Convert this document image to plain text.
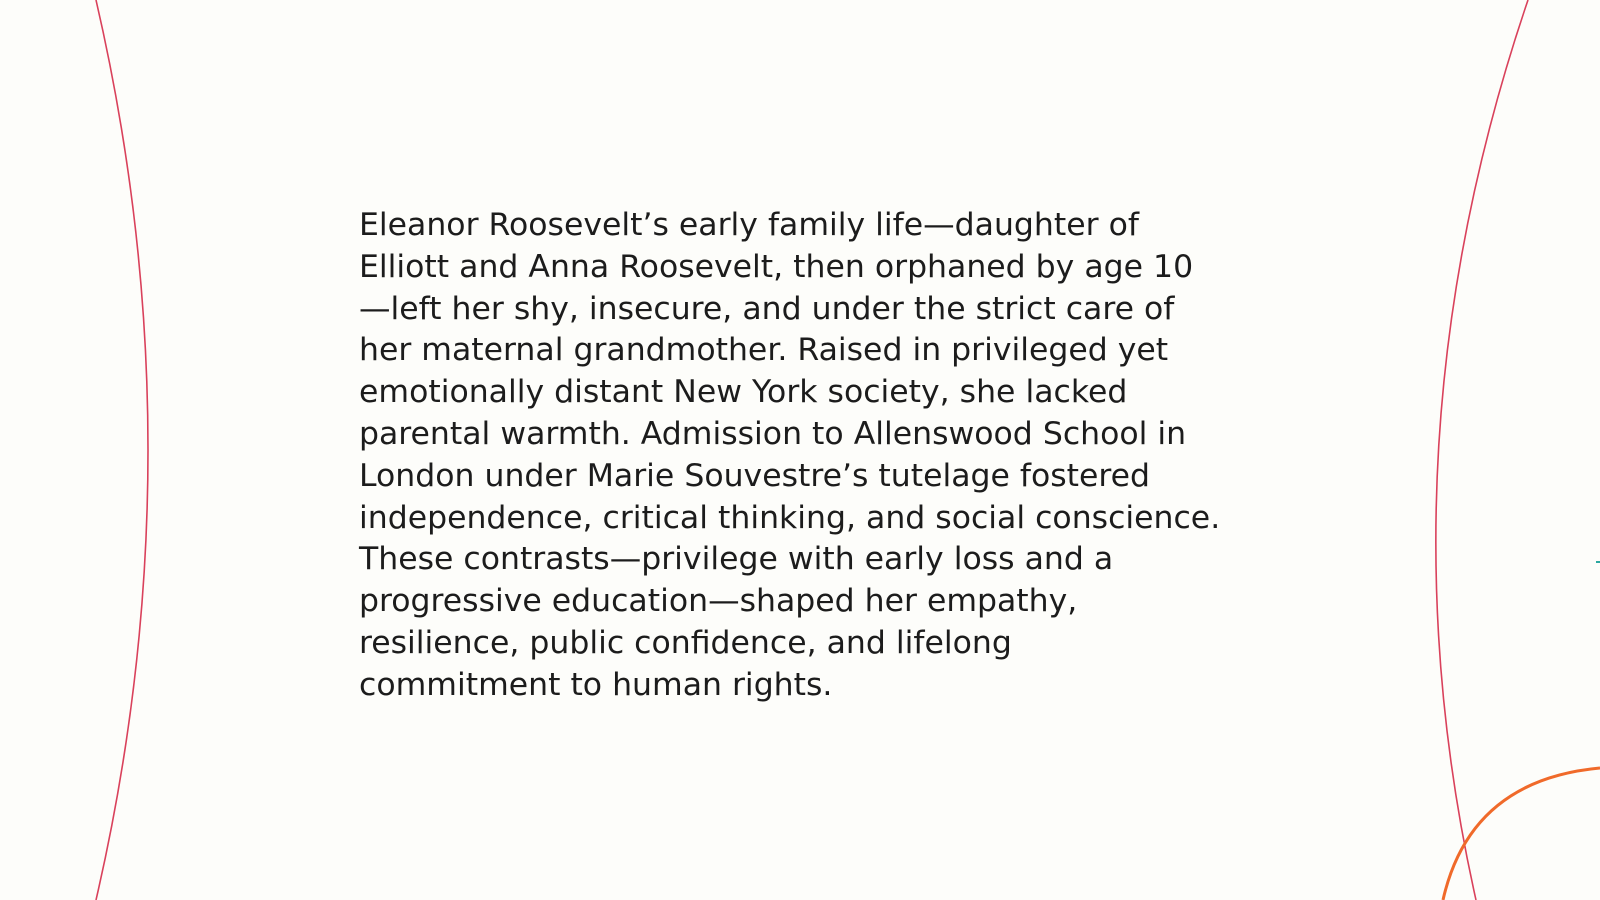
Eleanor Roosevelt’s early family life—daughter of
Elliott and Anna Roosevelt, then orphaned by age 10
—left her shy, insecure, and under the strict care of
her maternal grandmother. Raised in privileged yet
emotionally distant New York society, she lacked
parental warmth. Admission to Allenswood School in
London under Marie Souvestre’s tutelage fostered
independence, critical thinking, and social conscience.
These contrasts—privilege with early loss and a
progressive education—shaped her empathy,
resilience, public confidence, and lifelong
commitment to human rights.
